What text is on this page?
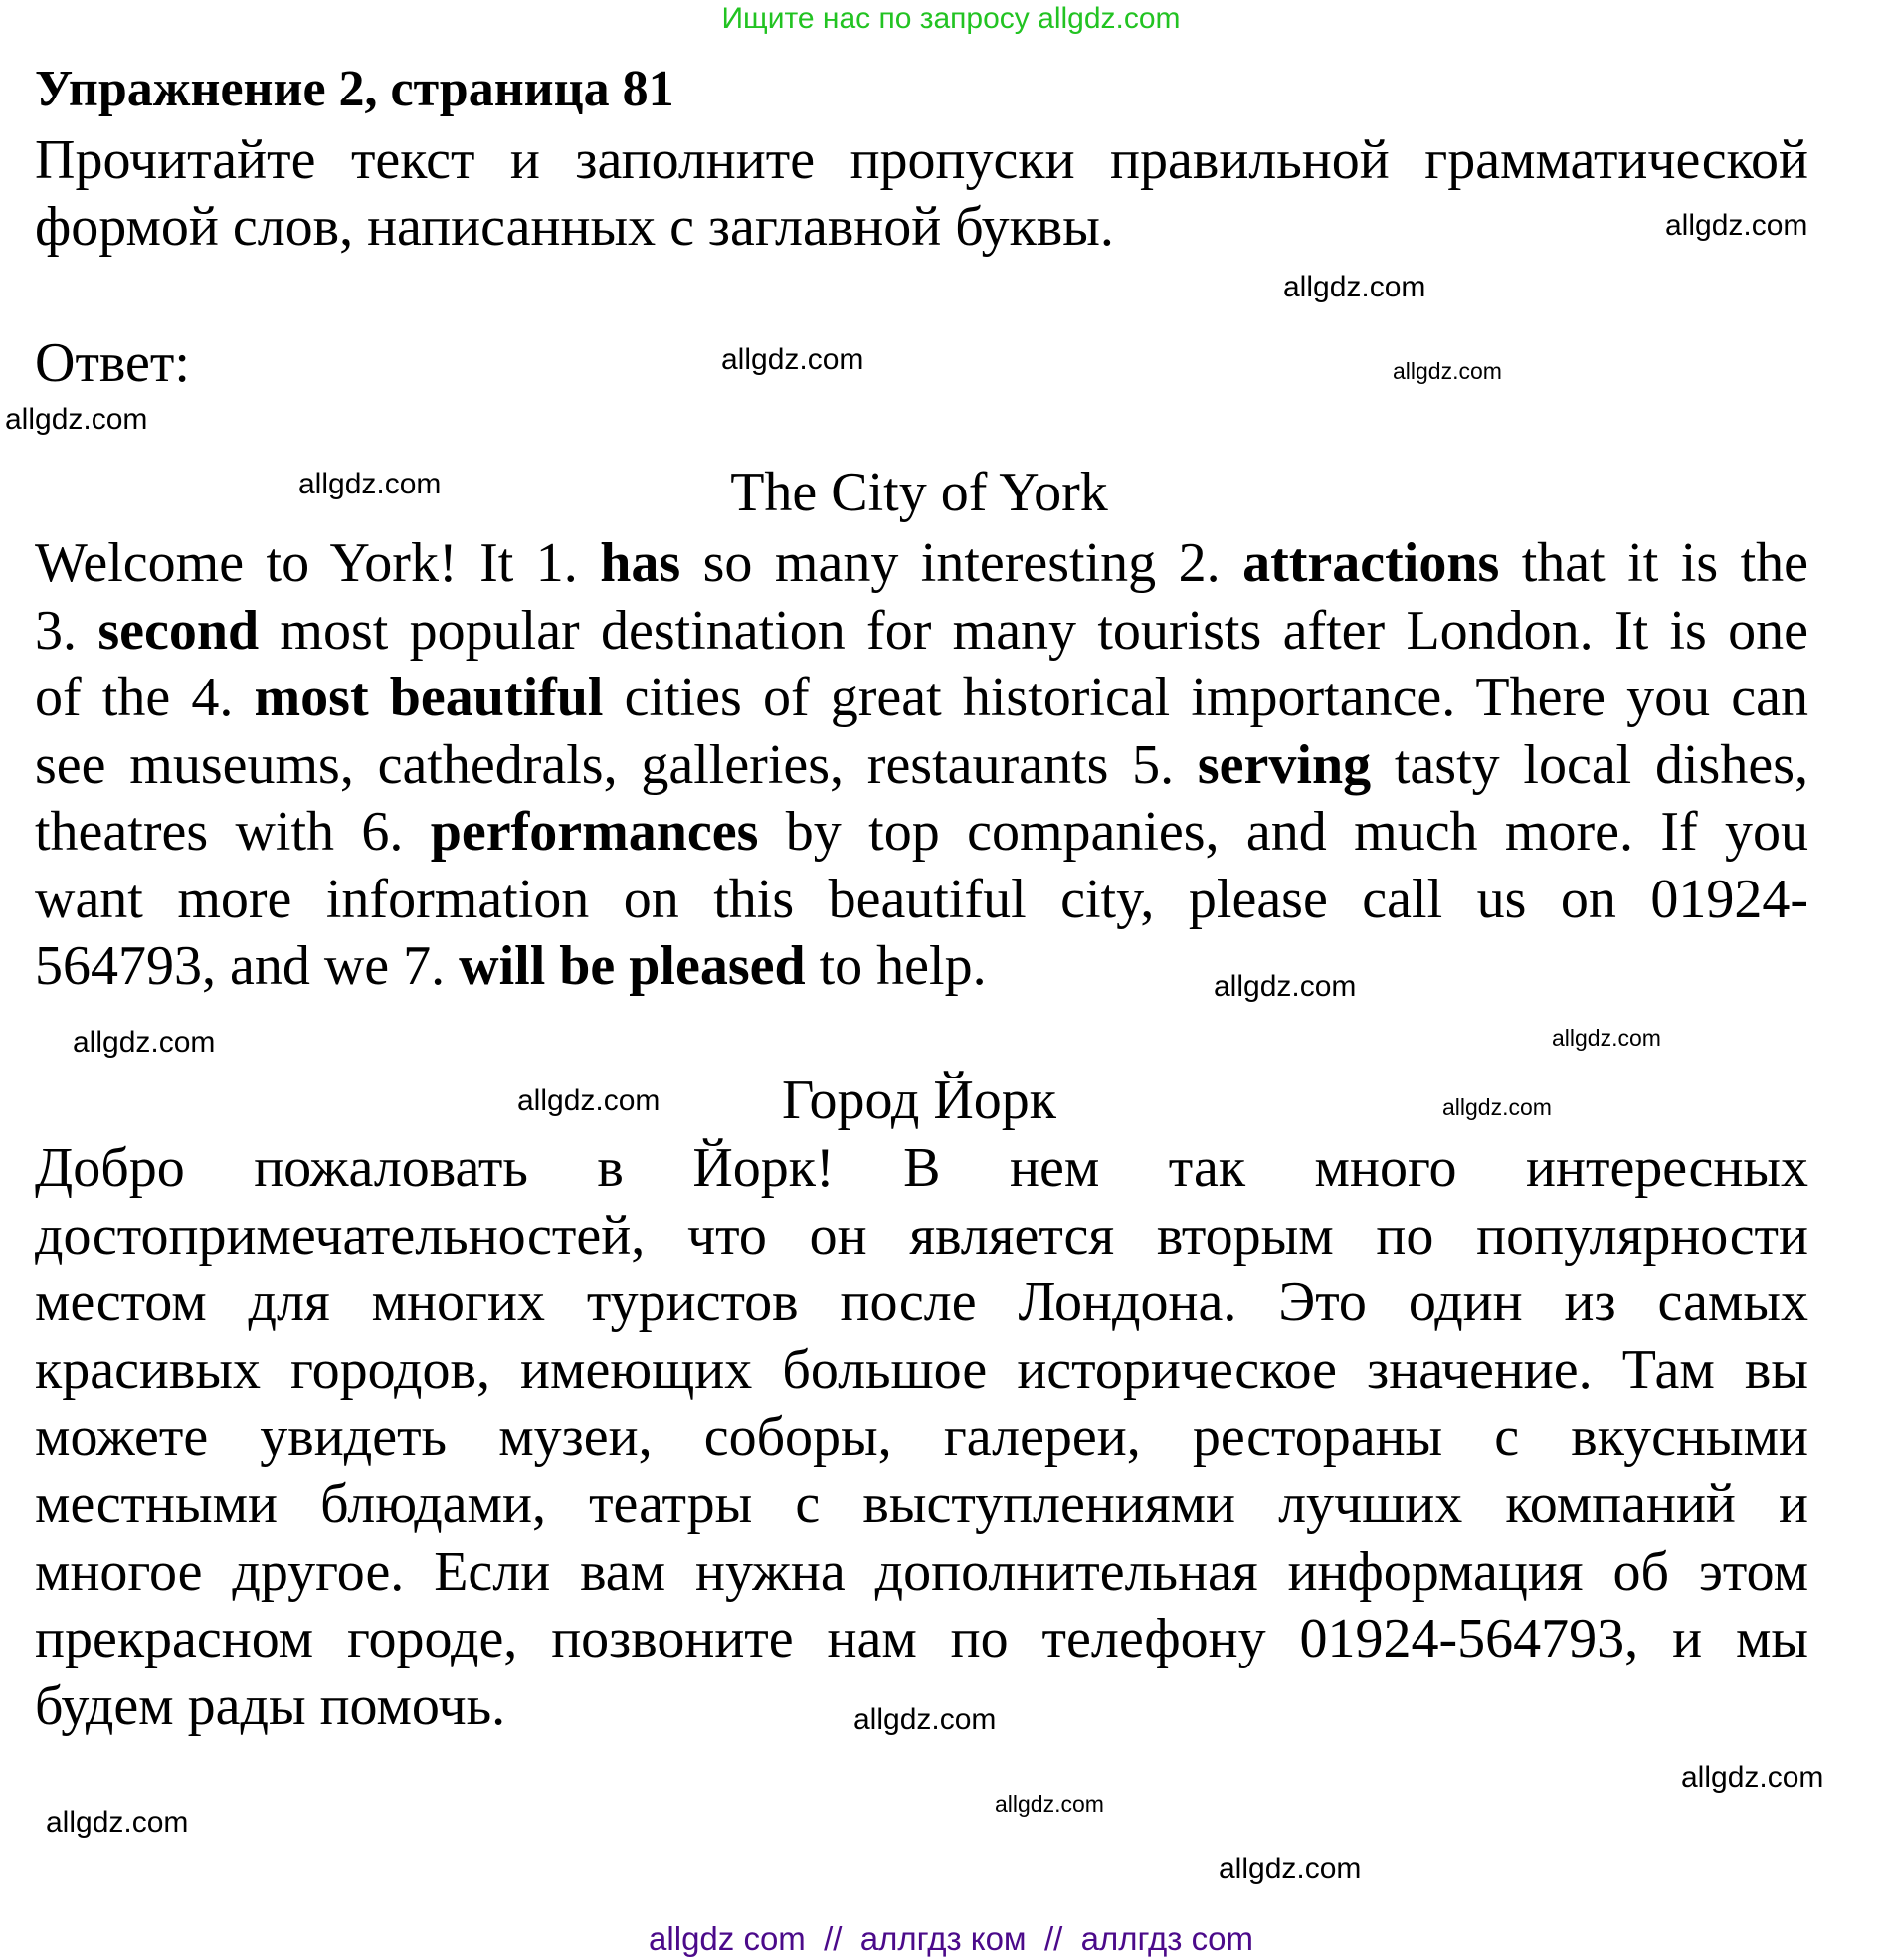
Ищите нас по запросу allgdz.com
Упражнение 2, страница 81
Прочитайте текст и заполните пропуски правильной грамматической
формой слов, написанных с заглавной буквы.
Ответ:
The City of York
Welcome to York! It 1. has so many interesting 2. attractions that it is the
3. second most popular destination for many tourists after London. It is one
of the 4. most beautiful cities of great historical importance. There you can
see museums, cathedrals, galleries, restaurants 5. serving tasty local dishes,
theatres with 6. performances by top companies, and much more. If you
want more information on this beautiful city, please call us on 01924-
564793, and we 7. will be pleased to help.
Город Йорк
Добро пожаловать в Йорк! В нем так много интересных
достопримечательностей, что он является вторым по популярности
местом для многих туристов после Лондона. Это один из самых
красивых городов, имеющих большое историческое значение. Там вы
можете увидеть музеи, соборы, галереи, рестораны с вкусными
местными блюдами, театры с выступлениями лучших компаний и
многое другое. Если вам нужна дополнительная информация об этом
прекрасном городе, позвоните нам по телефону 01924-564793, и мы
будем рады помочь.
allgdz.com
allgdz.com
allgdz.com
allgdz.com
allgdz.com
allgdz.com
allgdz.com
allgdz.com
allgdz.com
allgdz.com	allgdz.com
allgdz.com
allgdz.com
allgdz.com
allgdz.com
allgdz.com
allgdz com  //  аллгдз ком  //  аллгдз com
